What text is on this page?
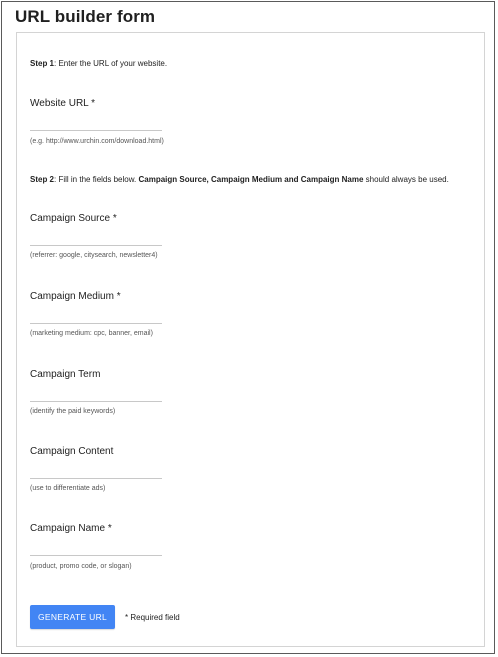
URL builder form

Step 1: Enter the URL of your website.

Website URL *

(e.g. http://www.urchin.com/download.html)

Step 2: Fill in the fields below. Campaign Source, Campaign Medium and Campaign Name should always be used.

Campaign Source *

(referrer: google, citysearch, newsletter4)

Campaign Medium *

(marketing medium: cpc, banner, email)

Campaign Term

(identify the paid keywords)

Campaign Content

(use to differentiate ads)

Campaign Name *

(product, promo code, or slogan)

GENERATE URL	* Required field
